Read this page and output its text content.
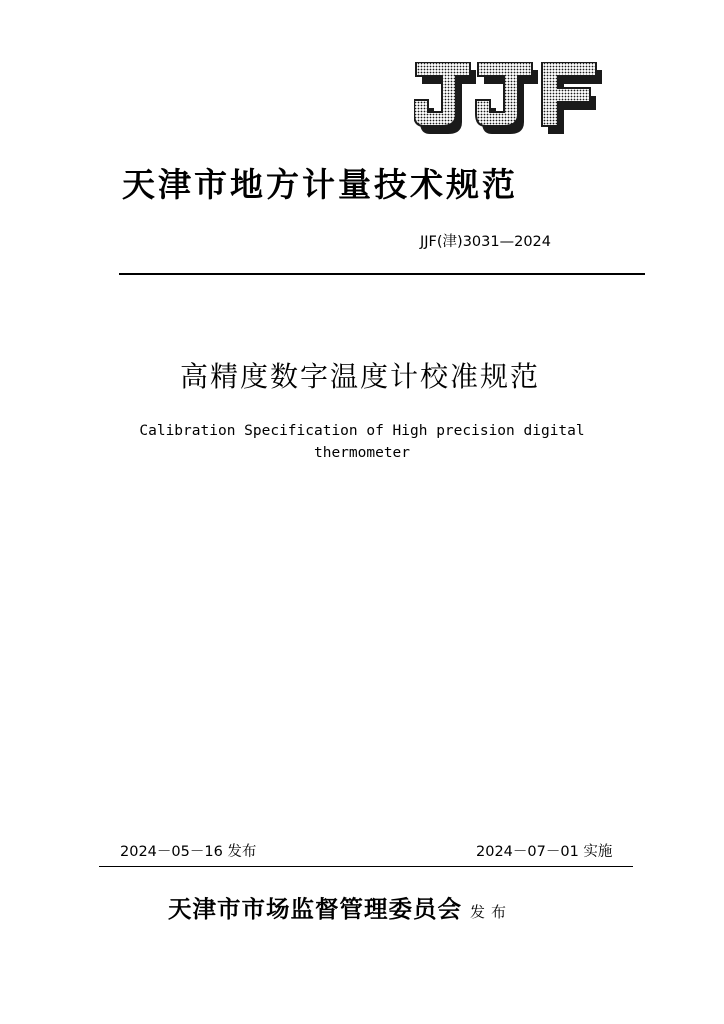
天津市地方计量技术规范
JJF(津)3031—2024
高精度数字温度计校准规范
Calibration Specification of High precision digital
thermometer
2024－05－16 发布	2024－07－01 实施
天津市市场监督管理委员会 发布
